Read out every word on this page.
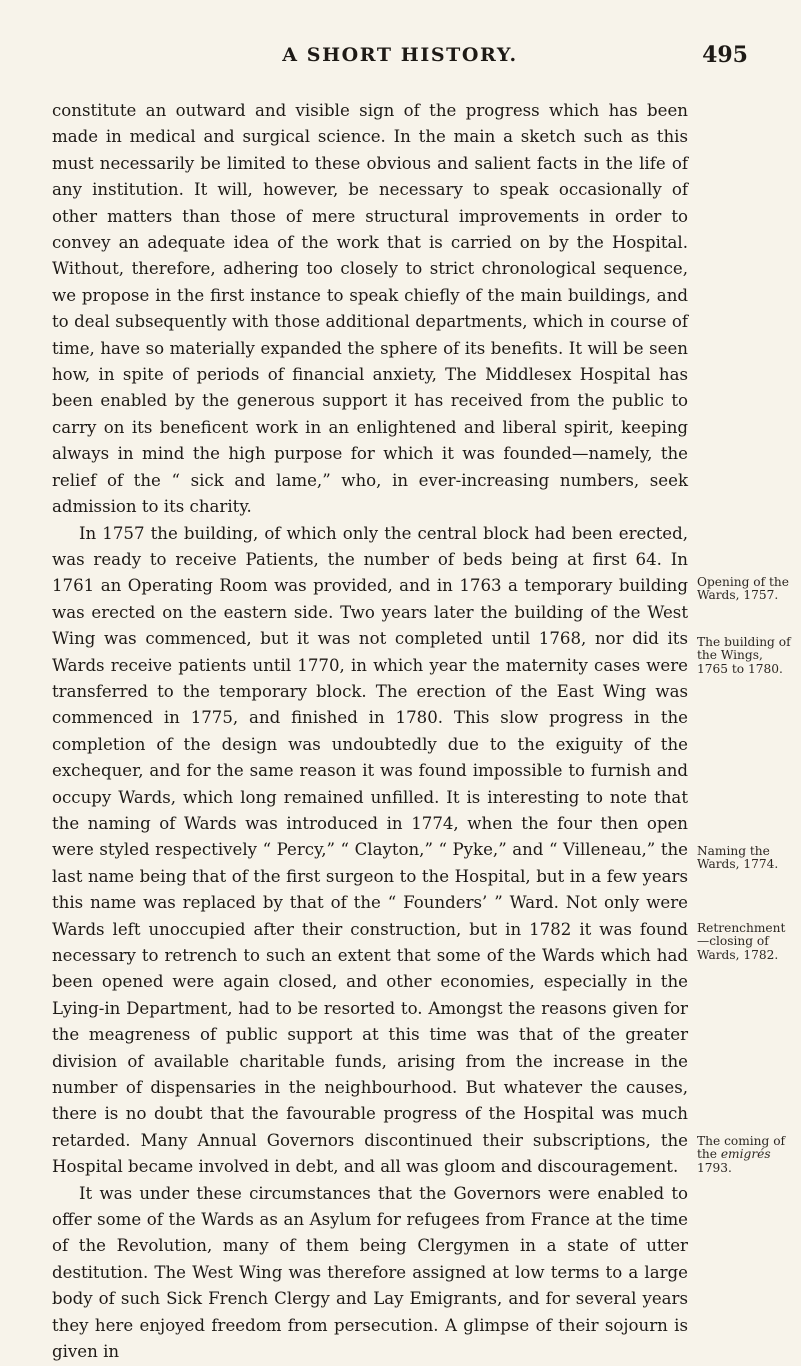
A SHORT HISTORY.	495

constitute an outward and visible sign of the progress which has been made in medical and surgical science. In the main a sketch such as this must necessarily be limited to these obvious and salient facts in the life of any institution. It will, however, be necessary to speak occasionally of other matters than those of mere structural improvements in order to convey an adequate idea of the work that is carried on by the Hospital. Without, therefore, adhering too closely to strict chronological sequence, we propose in the first instance to speak chiefly of the main buildings, and to deal subsequently with those additional departments, which in course of time, have so materially expanded the sphere of its benefits. It will be seen how, in spite of periods of financial anxiety, The Middlesex Hospital has been enabled by the generous support it has received from the public to carry on its beneficent work in an enlightened and liberal spirit, keeping always in mind the high purpose for which it was founded—namely, the relief of the “ sick and lame,” who, in ever-increasing numbers, seek admission to its charity.

In 1757 the building, of which only the central block had been erected, was ready to receive Patients, the number of beds being at first 64. In 1761 an Operating Room was provided, and in 1763 a temporary building was erected on the eastern side. Two years later the building of the West Wing was commenced, but it was not completed until 1768, nor did its Wards receive patients until 1770, in which year the maternity cases were transferred to the temporary block. The erection of the East Wing was commenced in 1775, and finished in 1780. This slow progress in the completion of the design was undoubtedly due to the exiguity of the exchequer, and for the same reason it was found impossible to furnish and occupy Wards, which long remained unfilled. It is interesting to note that the naming of Wards was introduced in 1774, when the four then open were styled respectively “ Percy,” “ Clayton,” “ Pyke,” and “ Villeneau,” the last name being that of the first surgeon to the Hospital, but in a few years this name was replaced by that of the “ Founders’ ” Ward. Not only were Wards left unoccupied after their construction, but in 1782 it was found necessary to retrench to such an extent that some of the Wards which had been opened were again closed, and other economies, especially in the Lying-in Department, had to be resorted to. Amongst the reasons given for the meagreness of public support at this time was that of the greater division of available charitable funds, arising from the increase in the number of dispensaries in the neighbourhood. But whatever the causes, there is no doubt that the favourable progress of the Hospital was much retarded. Many Annual Governors discontinued their subscriptions, the Hospital became involved in debt, and all was gloom and discouragement.

It was under these circumstances that the Governors were enabled to offer some of the Wards as an Asylum for refugees from France at the time of the Revolution, many of them being Clergymen in a state of utter destitution. The West Wing was therefore assigned at low terms to a large body of such Sick French Clergy and Lay Emigrants, and for several years they here enjoyed freedom from persecution. A glimpse of their sojourn is given in

Opening of the Wards, 1757.
The building of the Wings, 1765 to 1780.
Naming the Wards, 1774.
Retrenchment—closing of Wards, 1782.
The coming of the emigrés 1793.
